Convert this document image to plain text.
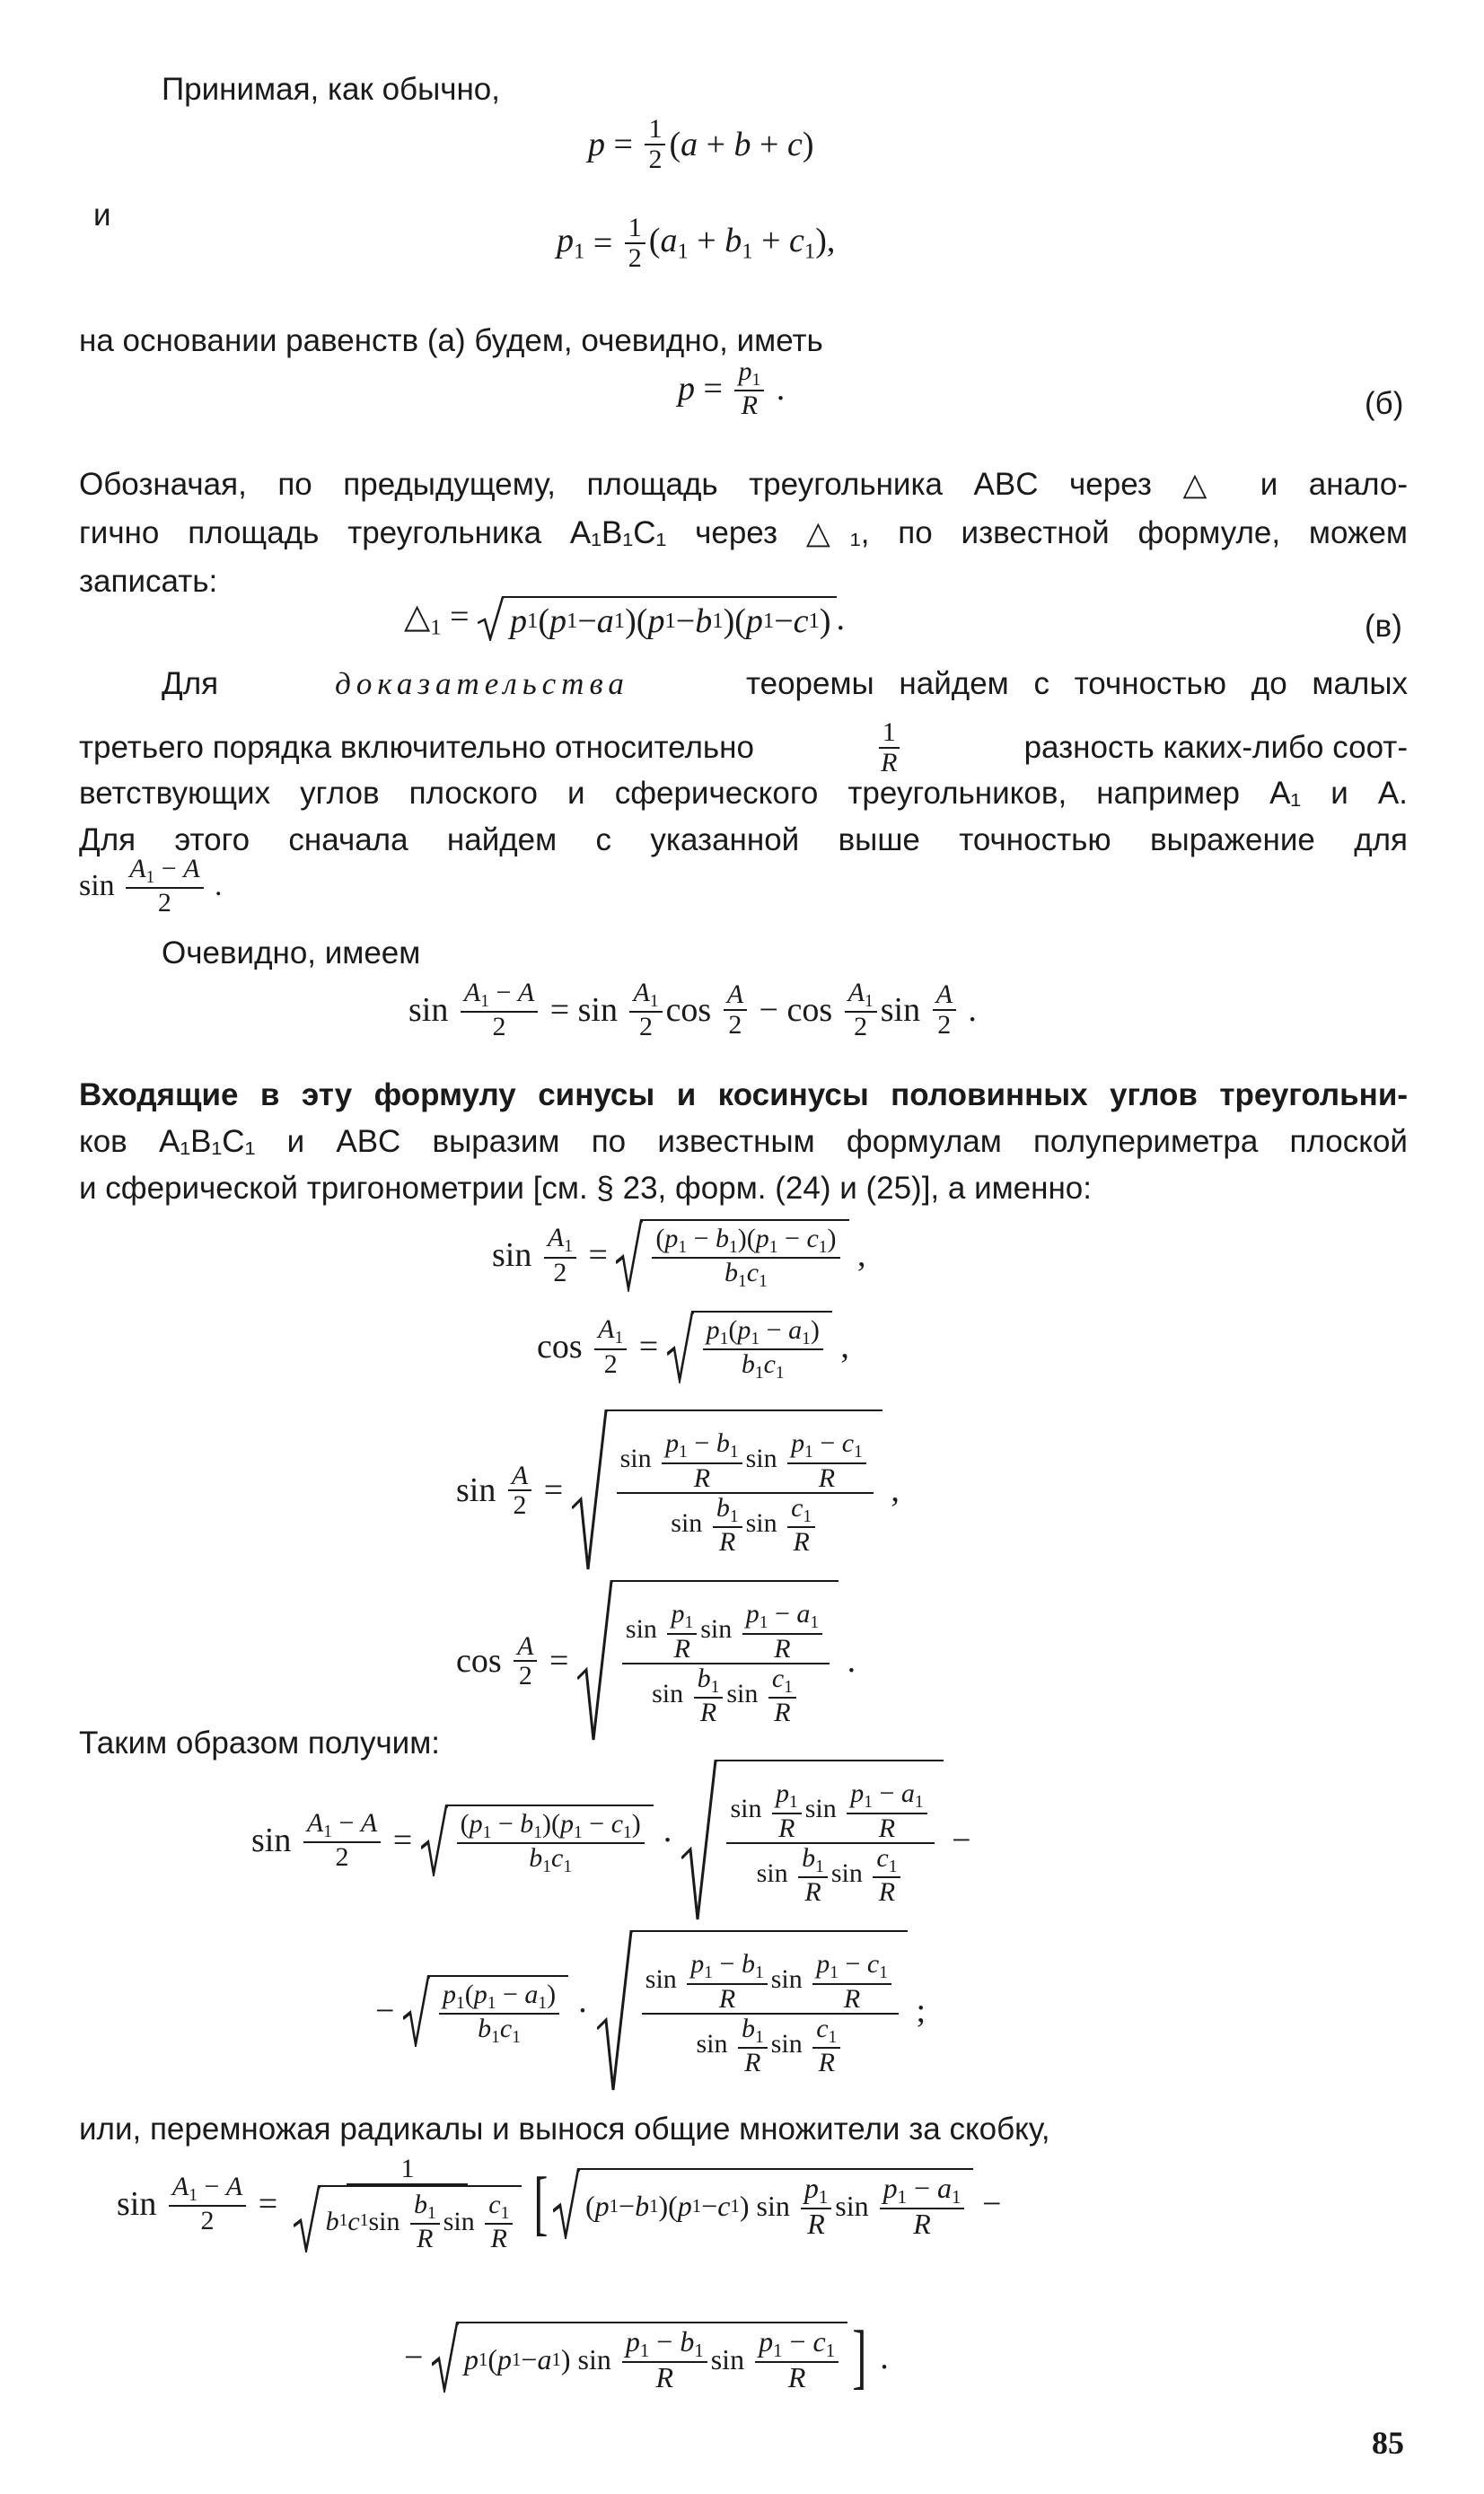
Принимая, как обычно,
$p = \frac{1}{2} (a + b + c)$
и
$p_1 = \frac{1}{2} (a_1 + b_1 + c_1)$,
на основании равенств (а) будем, очевидно, иметь
$p = \frac{p_1}{R}$ .	(б)
Обозначая, по предыдущему, площадь треугольника ABC через △ и анало-
гично площадь треугольника A₁B₁C₁ через △₁, по известной формуле, можем
записать:
$\triangle_1 = p$ 1 ( p 1 − a 1 )( p 1 − b 1 )( p 1 − c 1 ) .	(в)
Для	доказательства	теоремы найдем с точностью до малых
третьего порядка включительно относительно	$\frac{1}{R}$	разность каких-либо соот-
ветствующих углов плоского и сферического треугольников, например A₁ и A.
Для этого сначала найдем с указанной выше точностью выражение для
$\sin \frac{A_1 - A}{2}$ .
Очевидно, имеем
$\sin \frac{A_1 - A}{2} = \sin \frac{A_1}{2}$ $\cos \frac{A}{2} - \cos \frac{A_1}{2}$ $\sin \frac{A}{2}$ .
Входящие в эту формулу синусы и косинусы половинных углов треугольни-
ков A₁B₁C₁ и ABC выразим по известным формулам полупериметра плоской
и сферической тригонометрии [см. § 23, форм. (24) и (25)], а именно:
$\sin \frac{A_1}{2} = \frac{(p_1 - b_1)(p_1 - c_1)}{b_1c_1}$ ,
$\cos \frac{A_1}{2} = \frac{p_1(p_1 - a_1)}{b_1c_1}$ ,
$\sin \frac{A}{2} = \frac{\sin \frac{p_1 - b_1}{R} \sin \frac{p_1 - c_1}{R}}{\sin \frac{b_1}{R} \sin \frac{c_1}{R}}$ ,
$\cos \frac{A}{2} = \frac{\sin \frac{p_1}{R} \sin \frac{p_1 - a_1}{R}}{\sin \frac{b_1}{R} \sin \frac{c_1}{R}}$ .
Таким образом получим:
$\sin \frac{A_1 - A}{2} = \frac{(p_1 - b_1)(p_1 - c_1)}{b_1c_1} \cdot \frac{\sin \frac{p_1}{R} \sin \frac{p_1 - a_1}{R}}{\sin \frac{b_1}{R} \sin \frac{c_1}{R}}$ −
− $\frac{p_1(p_1 - a_1)}{b_1c_1} \cdot \frac{\sin \frac{p_1 - b_1}{R} \sin \frac{p_1 - c_1}{R}}{\sin \frac{b_1}{R} \sin \frac{c_1}{R}}$ ;
или, перемножая радикалы и вынося общие множители за скобку,
$\sin \frac{A_1 - A}{2} = \frac{1}{b 1 c 1 \sin \frac{b_1}{R} \sin \frac{c_1}{R}}$ [ ( p 1 − b 1 )( p 1 − c 1 ) $\sin \frac{p_1}{R}$ $\sin \frac{p_1 - a_1}{R}$ −
− p 1 ( p 1 − a 1 ) $\sin \frac{p_1 - b_1}{R}$ $\sin \frac{p_1 - c_1}{R}$ ] .
85
